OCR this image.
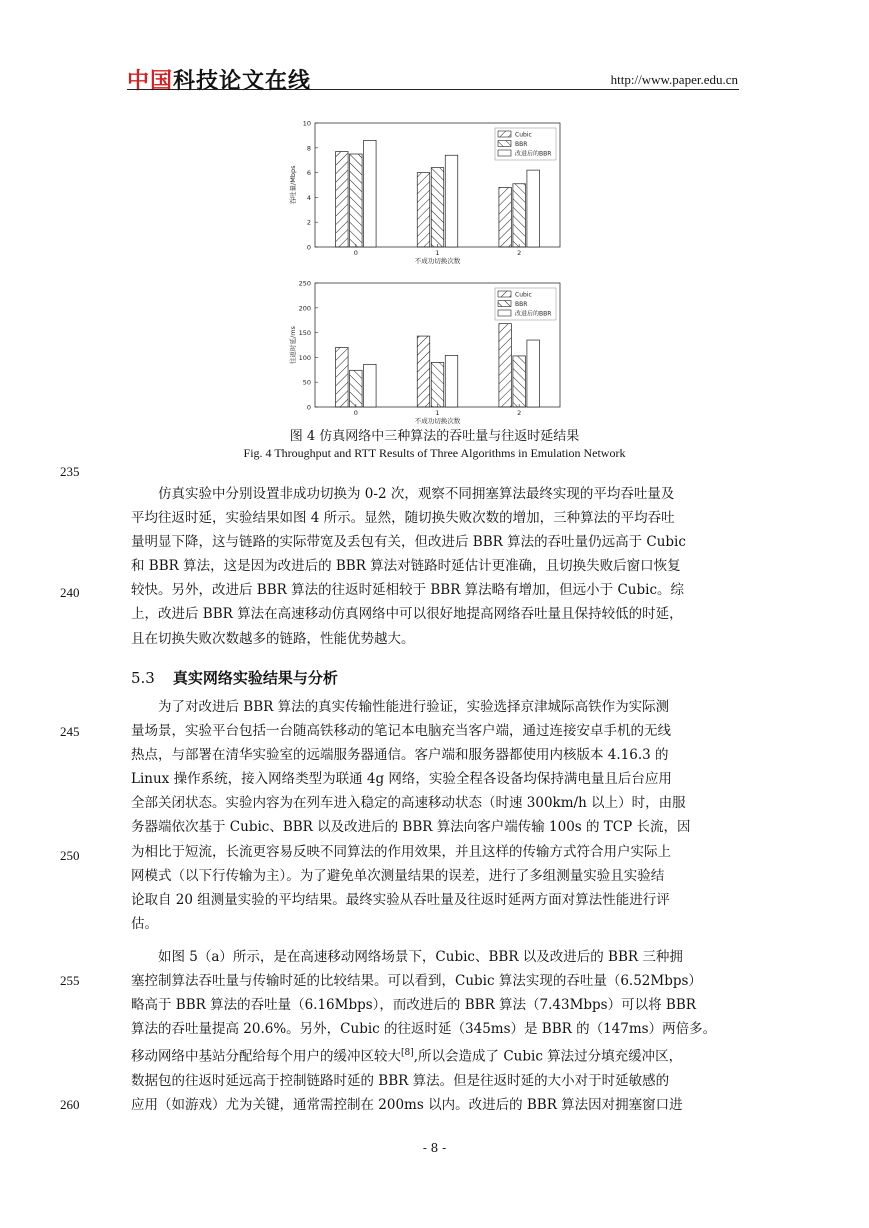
中国科技论文在线	http://www.paper.edu.cn
0
2
4
6
8
10
0	1	2
不成功切换次数
吞吐量/Mbps
Cubic
BBR
改进后的BBR
0
50
100
150
200
250
0	1	2
不成功切换次数
往返时延/ms
Cubic
BBR
改进后的BBR
图 4 仿真网络中三种算法的吞吐量与往返时延结果
Fig. 4 Throughput and RTT Results of Three Algorithms in Emulation Network
235
240
245
250
255
260
仿真实验中分别设置非成功切换为 0-2 次，观察不同拥塞算法最终实现的平均吞吐量及
平均往返时延，实验结果如图 4 所示。显然，随切换失败次数的增加，三种算法的平均吞吐
量明显下降，这与链路的实际带宽及丢包有关，但改进后 BBR 算法的吞吐量仍远高于 Cubic
和 BBR 算法，这是因为改进后的 BBR 算法对链路时延估计更准确，且切换失败后窗口恢复
较快。另外，改进后 BBR 算法的往返时延相较于 BBR 算法略有增加，但远小于 Cubic。综
上，改进后 BBR 算法在高速移动仿真网络中可以很好地提高网络吞吐量且保持较低的时延，
且在切换失败次数越多的链路，性能优势越大。
5.3 真实网络实验结果与分析
为了对改进后 BBR 算法的真实传输性能进行验证，实验选择京津城际高铁作为实际测
量场景，实验平台包括一台随高铁移动的笔记本电脑充当客户端，通过连接安卓手机的无线
热点，与部署在清华实验室的远端服务器通信。客户端和服务器都使用内核版本 4.16.3 的
Linux 操作系统，接入网络类型为联通 4g 网络，实验全程各设备均保持满电量且后台应用
全部关闭状态。实验内容为在列车进入稳定的高速移动状态（时速 300km/h 以上）时，由服
务器端依次基于 Cubic、BBR 以及改进后的 BBR 算法向客户端传输 100s 的 TCP 长流，因
为相比于短流，长流更容易反映不同算法的作用效果，并且这样的传输方式符合用户实际上
网模式（以下行传输为主）。为了避免单次测量结果的误差，进行了多组测量实验且实验结
论取自 20 组测量实验的平均结果。最终实验从吞吐量及往返时延两方面对算法性能进行评
估。
如图 5（a）所示，是在高速移动网络场景下，Cubic、BBR 以及改进后的 BBR 三种拥
塞控制算法吞吐量与传输时延的比较结果。可以看到，Cubic 算法实现的吞吐量（6.52Mbps）
略高于 BBR 算法的吞吐量（6.16Mbps），而改进后的 BBR 算法（7.43Mbps）可以将 BBR
算法的吞吐量提高 20.6%。另外，Cubic 的往返时延（345ms）是 BBR 的（147ms）两倍多。
移动网络中基站分配给每个用户的缓冲区较大[8],所以会造成了 Cubic 算法过分填充缓冲区，
数据包的往返时延远高于控制链路时延的 BBR 算法。但是往返时延的大小对于时延敏感的
应用（如游戏）尤为关键，通常需控制在 200ms 以内。改进后的 BBR 算法因对拥塞窗口进
- 8 -
